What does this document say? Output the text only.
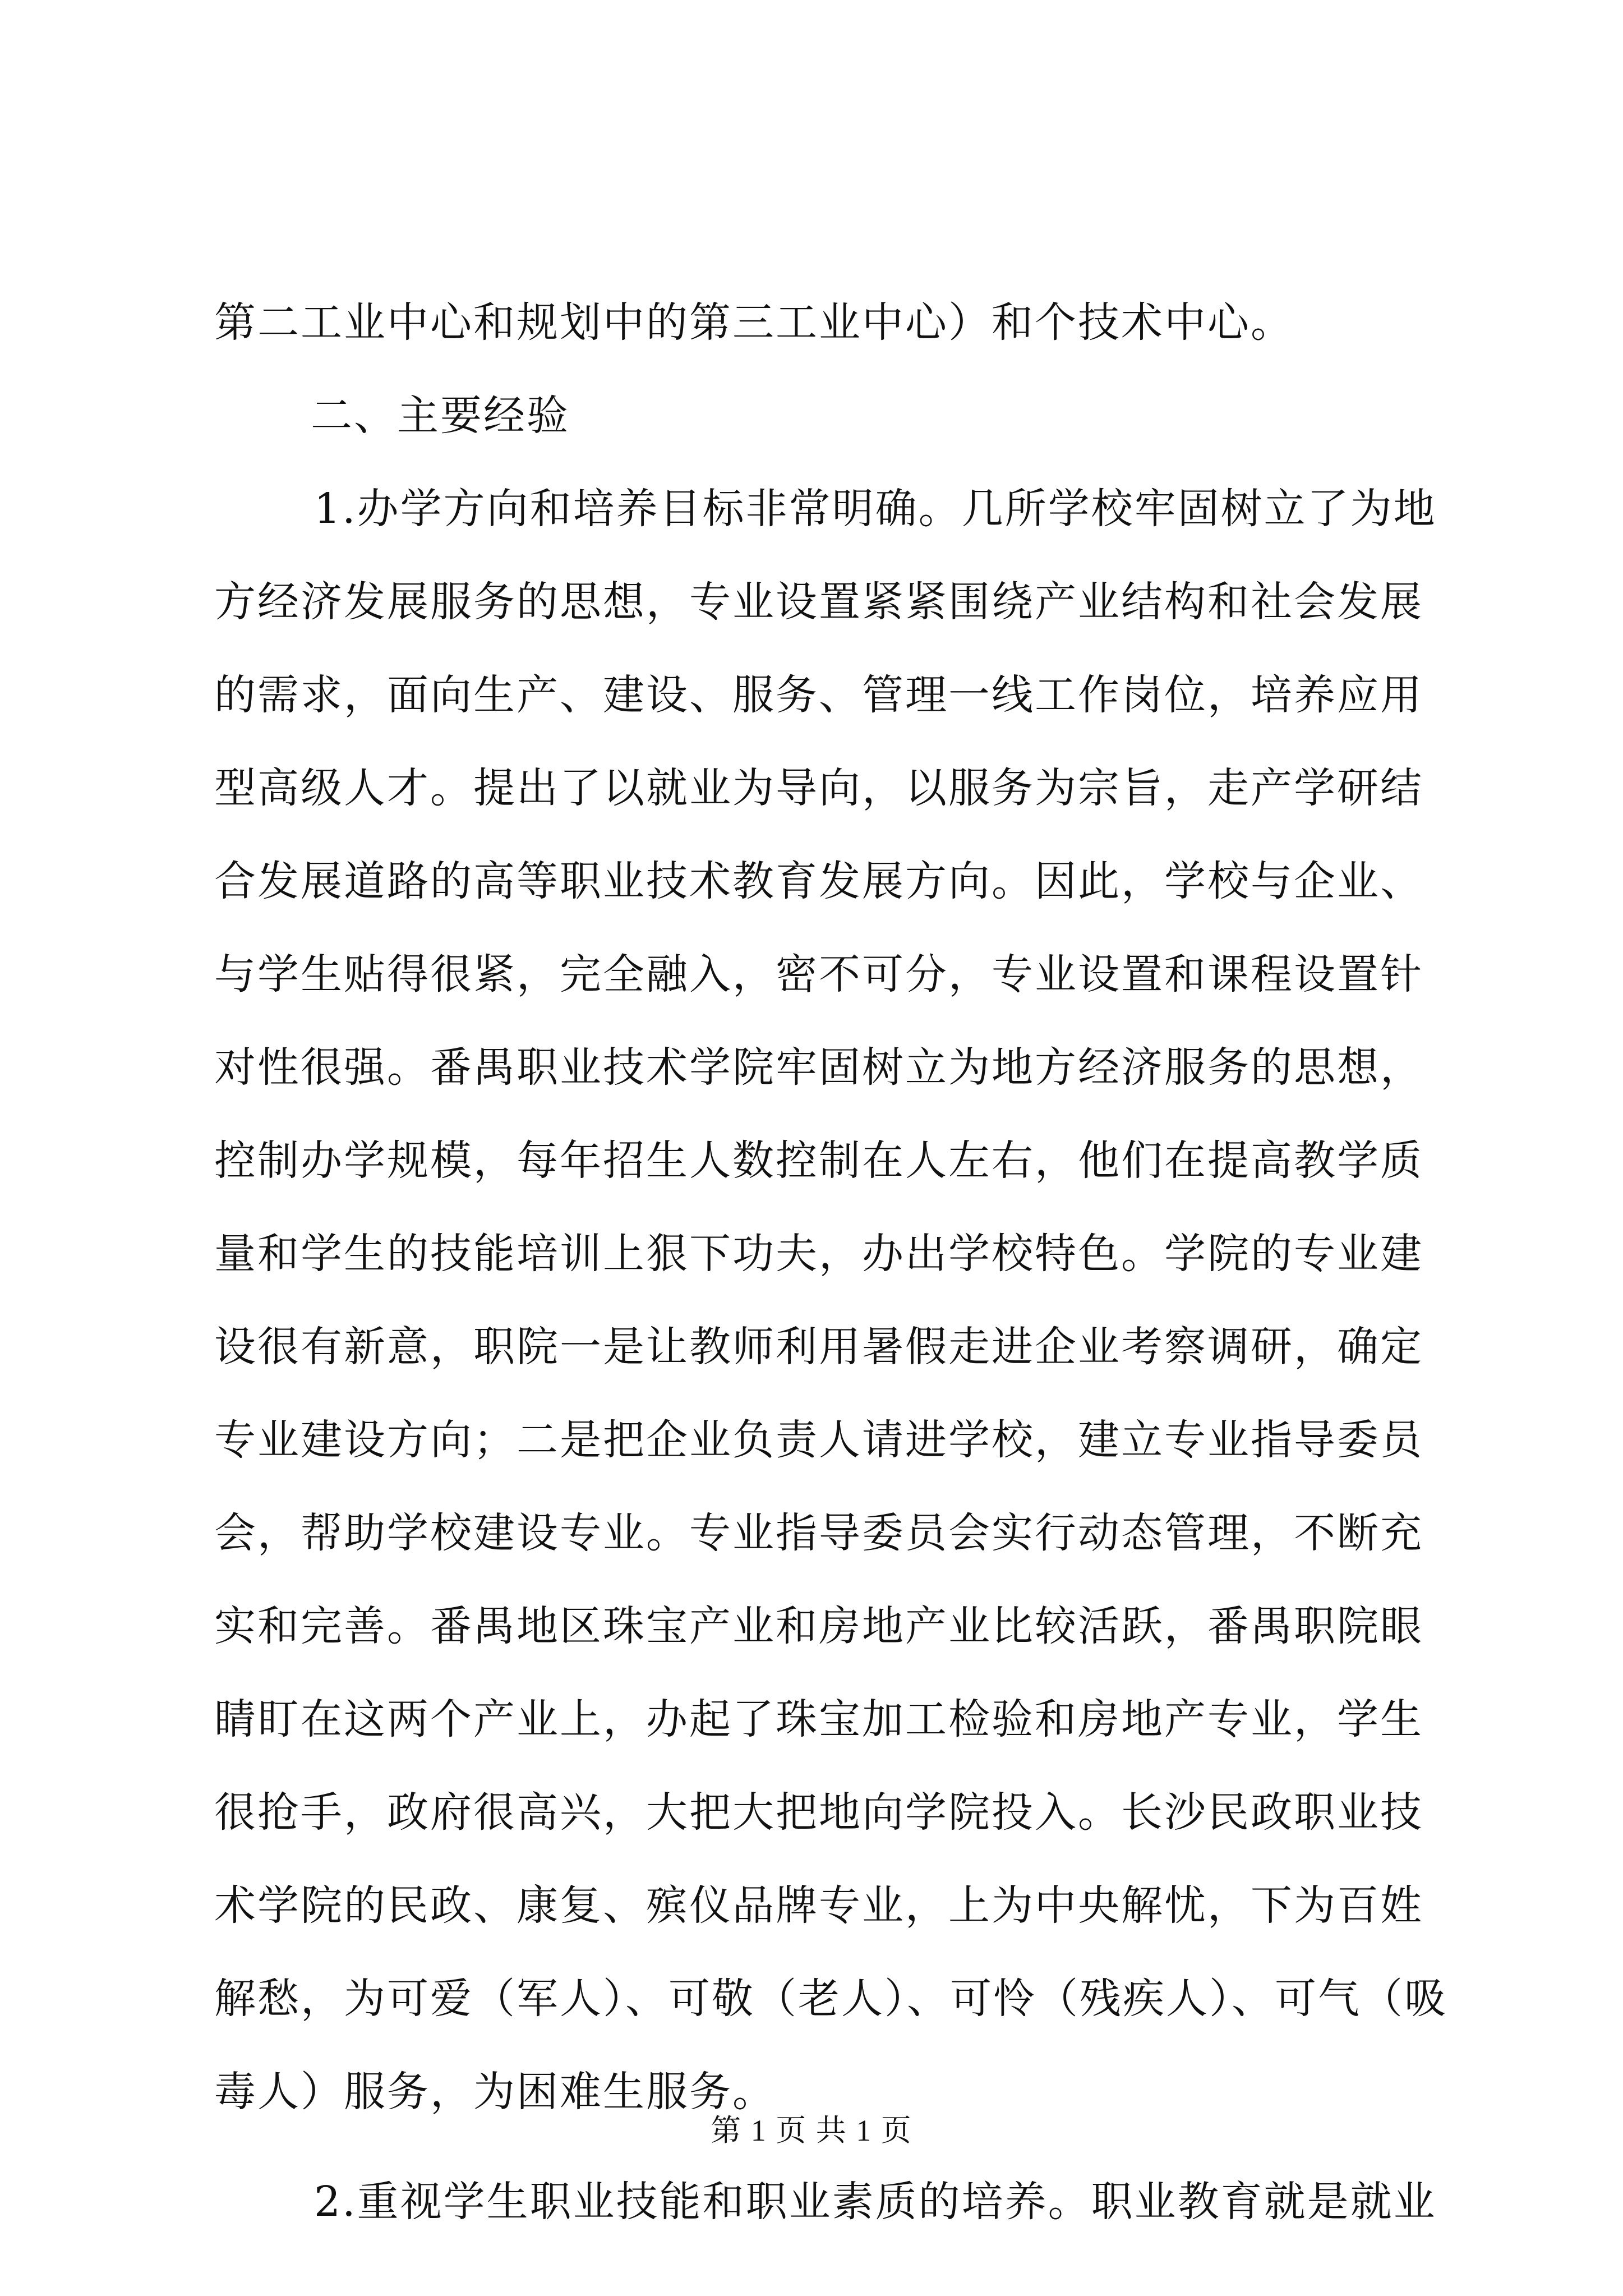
第二工业中心和规划中的第三工业中心）和个技术中心。
二、主要经验
1.办学方向和培养目标非常明确。几所学校牢固树立了为地
方经济发展服务的思想，专业设置紧紧围绕产业结构和社会发展
的需求，面向生产、建设、服务、管理一线工作岗位，培养应用
型高级人才。提出了以就业为导向，以服务为宗旨，走产学研结
合发展道路的高等职业技术教育发展方向。因此，学校与企业、
与学生贴得很紧，完全融入，密不可分，专业设置和课程设置针
对性很强。番禺职业技术学院牢固树立为地方经济服务的思想，
控制办学规模，每年招生人数控制在人左右，他们在提高教学质
量和学生的技能培训上狠下功夫，办出学校特色。学院的专业建
设很有新意，职院一是让教师利用暑假走进企业考察调研，确定
专业建设方向；二是把企业负责人请进学校，建立专业指导委员
会，帮助学校建设专业。专业指导委员会实行动态管理，不断充
实和完善。番禺地区珠宝产业和房地产业比较活跃，番禺职院眼
睛盯在这两个产业上，办起了珠宝加工检验和房地产专业，学生
很抢手，政府很高兴，大把大把地向学院投入。长沙民政职业技
术学院的民政、康复、殡仪品牌专业，上为中央解忧，下为百姓
解愁，为可爱（军人）、可敬（老人）、可怜（残疾人）、可气（吸
毒人）服务，为困难生服务。
2.重视学生职业技能和职业素质的培养。职业教育就是就业
第 1 页 共 1 页
